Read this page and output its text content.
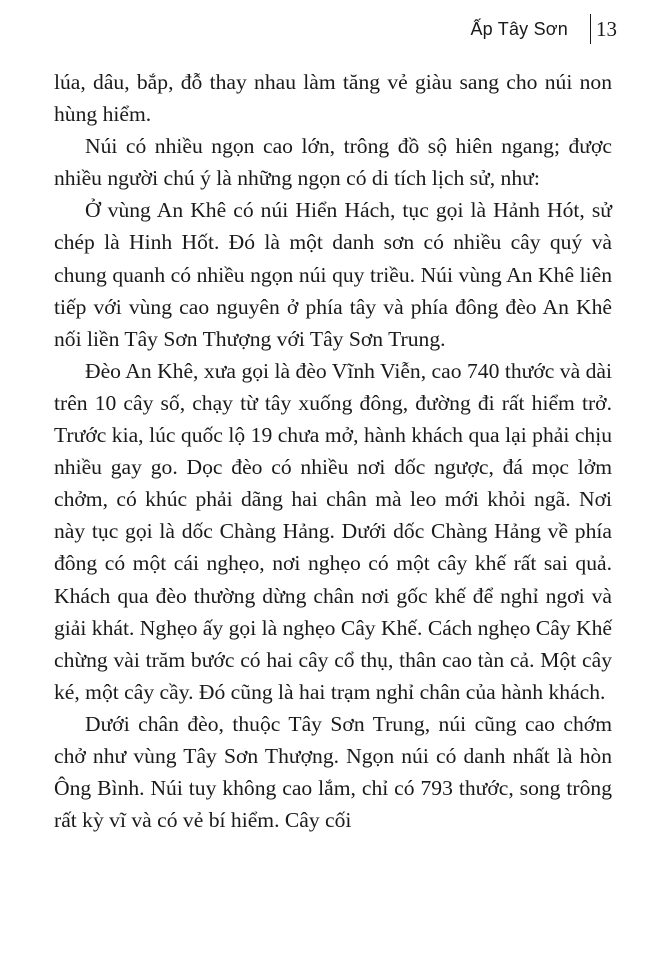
Ấp Tây Sơn 13

lúa, dâu, bắp, đỗ thay nhau làm tăng vẻ giàu sang cho núi non hùng hiểm.

Núi có nhiều ngọn cao lớn, trông đồ sộ hiên ngang; được nhiều người chú ý là những ngọn có di tích lịch sử, như:

Ở vùng An Khê có núi Hiển Hách, tục gọi là Hảnh Hót, sử chép là Hinh Hốt. Đó là một danh sơn có nhiều cây quý và chung quanh có nhiều ngọn núi quy triều. Núi vùng An Khê liên tiếp với vùng cao nguyên ở phía tây và phía đông đèo An Khê nối liền Tây Sơn Thượng với Tây Sơn Trung.

Đèo An Khê, xưa gọi là đèo Vĩnh Viễn, cao 740 thước và dài trên 10 cây số, chạy từ tây xuống đông, đường đi rất hiểm trở. Trước kia, lúc quốc lộ 19 chưa mở, hành khách qua lại phải chịu nhiều gay go. Dọc đèo có nhiều nơi dốc ngược, đá mọc lởm chởm, có khúc phải dãng hai chân mà leo mới khỏi ngã. Nơi này tục gọi là dốc Chàng Hảng. Dưới dốc Chàng Hảng về phía đông có một cái nghẹo, nơi nghẹo có một cây khế rất sai quả. Khách qua đèo thường dừng chân nơi gốc khế để nghỉ ngơi và giải khát. Nghẹo ấy gọi là nghẹo Cây Khế. Cách nghẹo Cây Khế chừng vài trăm bước có hai cây cổ thụ, thân cao tàn cả. Một cây ké, một cây cầy. Đó cũng là hai trạm nghỉ chân của hành khách.

Dưới chân đèo, thuộc Tây Sơn Trung, núi cũng cao chớm chở như vùng Tây Sơn Thượng. Ngọn núi có danh nhất là hòn Ông Bình. Núi tuy không cao lắm, chỉ có 793 thước, song trông rất kỳ vĩ và có vẻ bí hiểm. Cây cối
